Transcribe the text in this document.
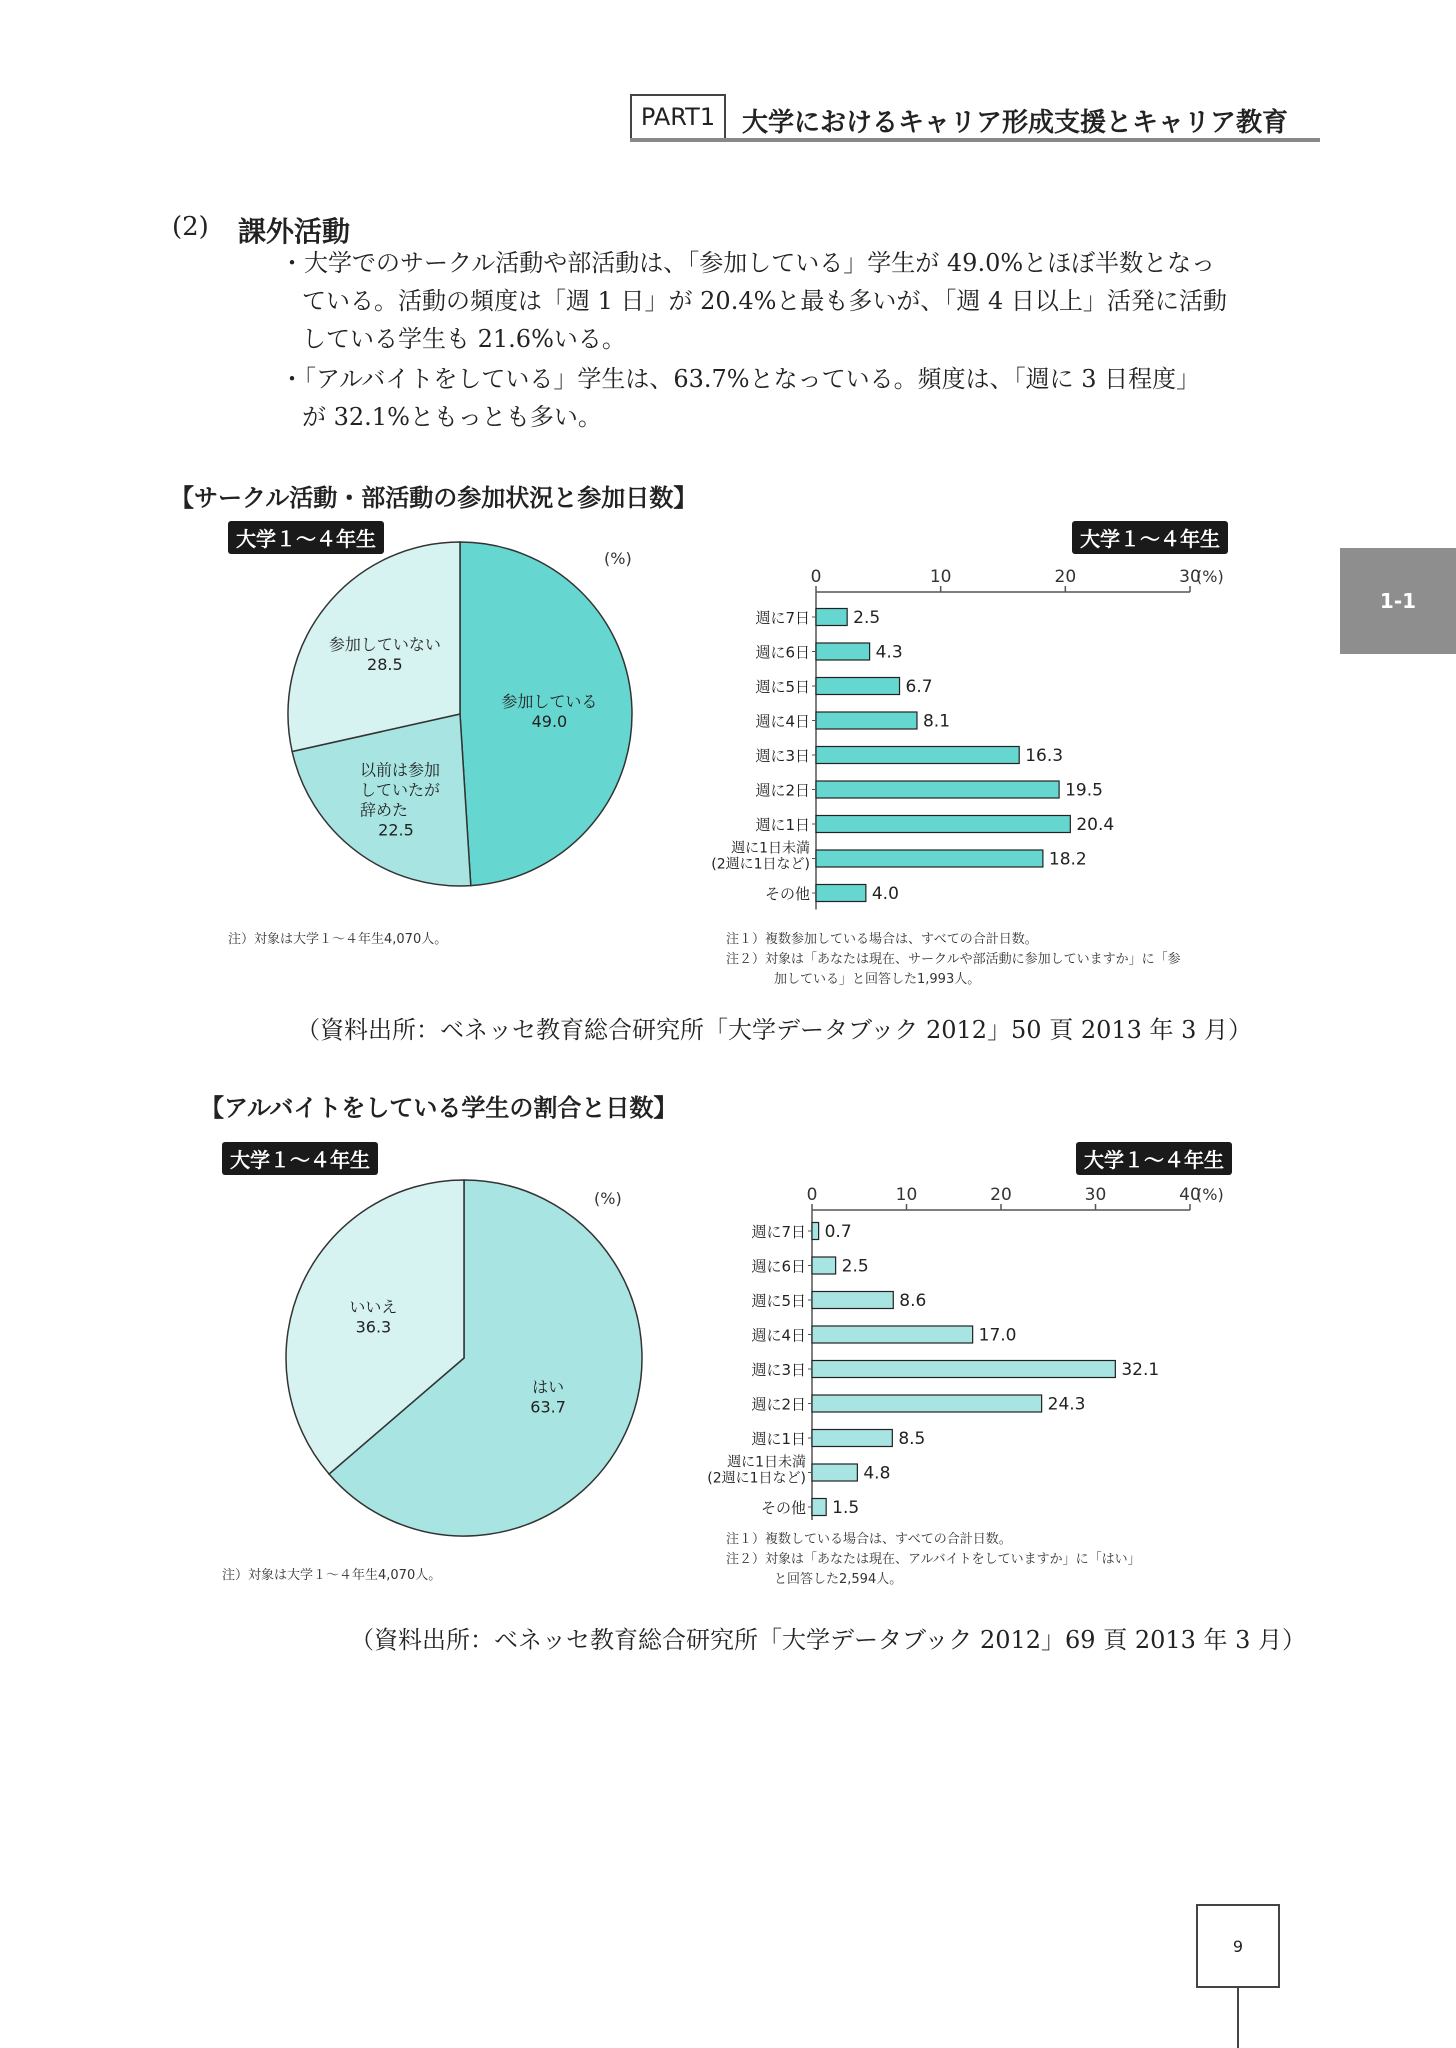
PART1 大学におけるキャリア形成支援とキャリア教育
1-1
(2) 課外活動
・大学でのサークル活動や部活動は、「参加している」学生が 49.0%とほぼ半数となっ
ている。活動の頻度は「週 1 日」が 20.4%と最も多いが、「週 4 日以上」活発に活動
している学生も 21.6%いる。
・「アルバイトをしている」学生は、63.7%となっている。頻度は、「週に 3 日程度」
が 32.1%ともっとも多い。
【サークル活動・部活動の参加状況と参加日数】
大学１～４年生	大学１～４年生
参加している
49.0
以前は参加
していたが
辞めた
22.5
参加していない
28.5
(%)
0	10	20	30
(%)
2.5
週に7日
4.3
週に6日
6.7
週に5日
8.1
週に4日
16.3
週に3日
19.5
週に2日
20.4
週に1日
18.2
週に1日未満
(2週に1日など)
4.0
その他
注）対象は大学１～４年生4,070人。	注１）複数参加している場合は、すべての合計日数。
注２）対象は「あなたは現在、サークルや部活動に参加していますか」に「参
加している」と回答した1,993人。
（資料出所：ベネッセ教育総合研究所「大学データブック 2012」50 頁 2013 年 3 月）
【アルバイトをしている学生の割合と日数】
大学１～４年生	大学１～４年生
はい
63.7
いいえ
36.3
(%)	0	10	20	30	40
(%)
0.7
週に7日
2.5
週に6日
8.6
週に5日
17.0
週に4日
32.1
週に3日
24.3
週に2日
8.5
週に1日
4.8
週に1日未満
(2週に1日など)
1.5
その他
注）対象は大学１～４年生4,070人。
注１）複数している場合は、すべての合計日数。
注２）対象は「あなたは現在、アルバイトをしていますか」に「はい」
と回答した2,594人。
（資料出所：ベネッセ教育総合研究所「大学データブック 2012」69 頁 2013 年 3 月）
9
